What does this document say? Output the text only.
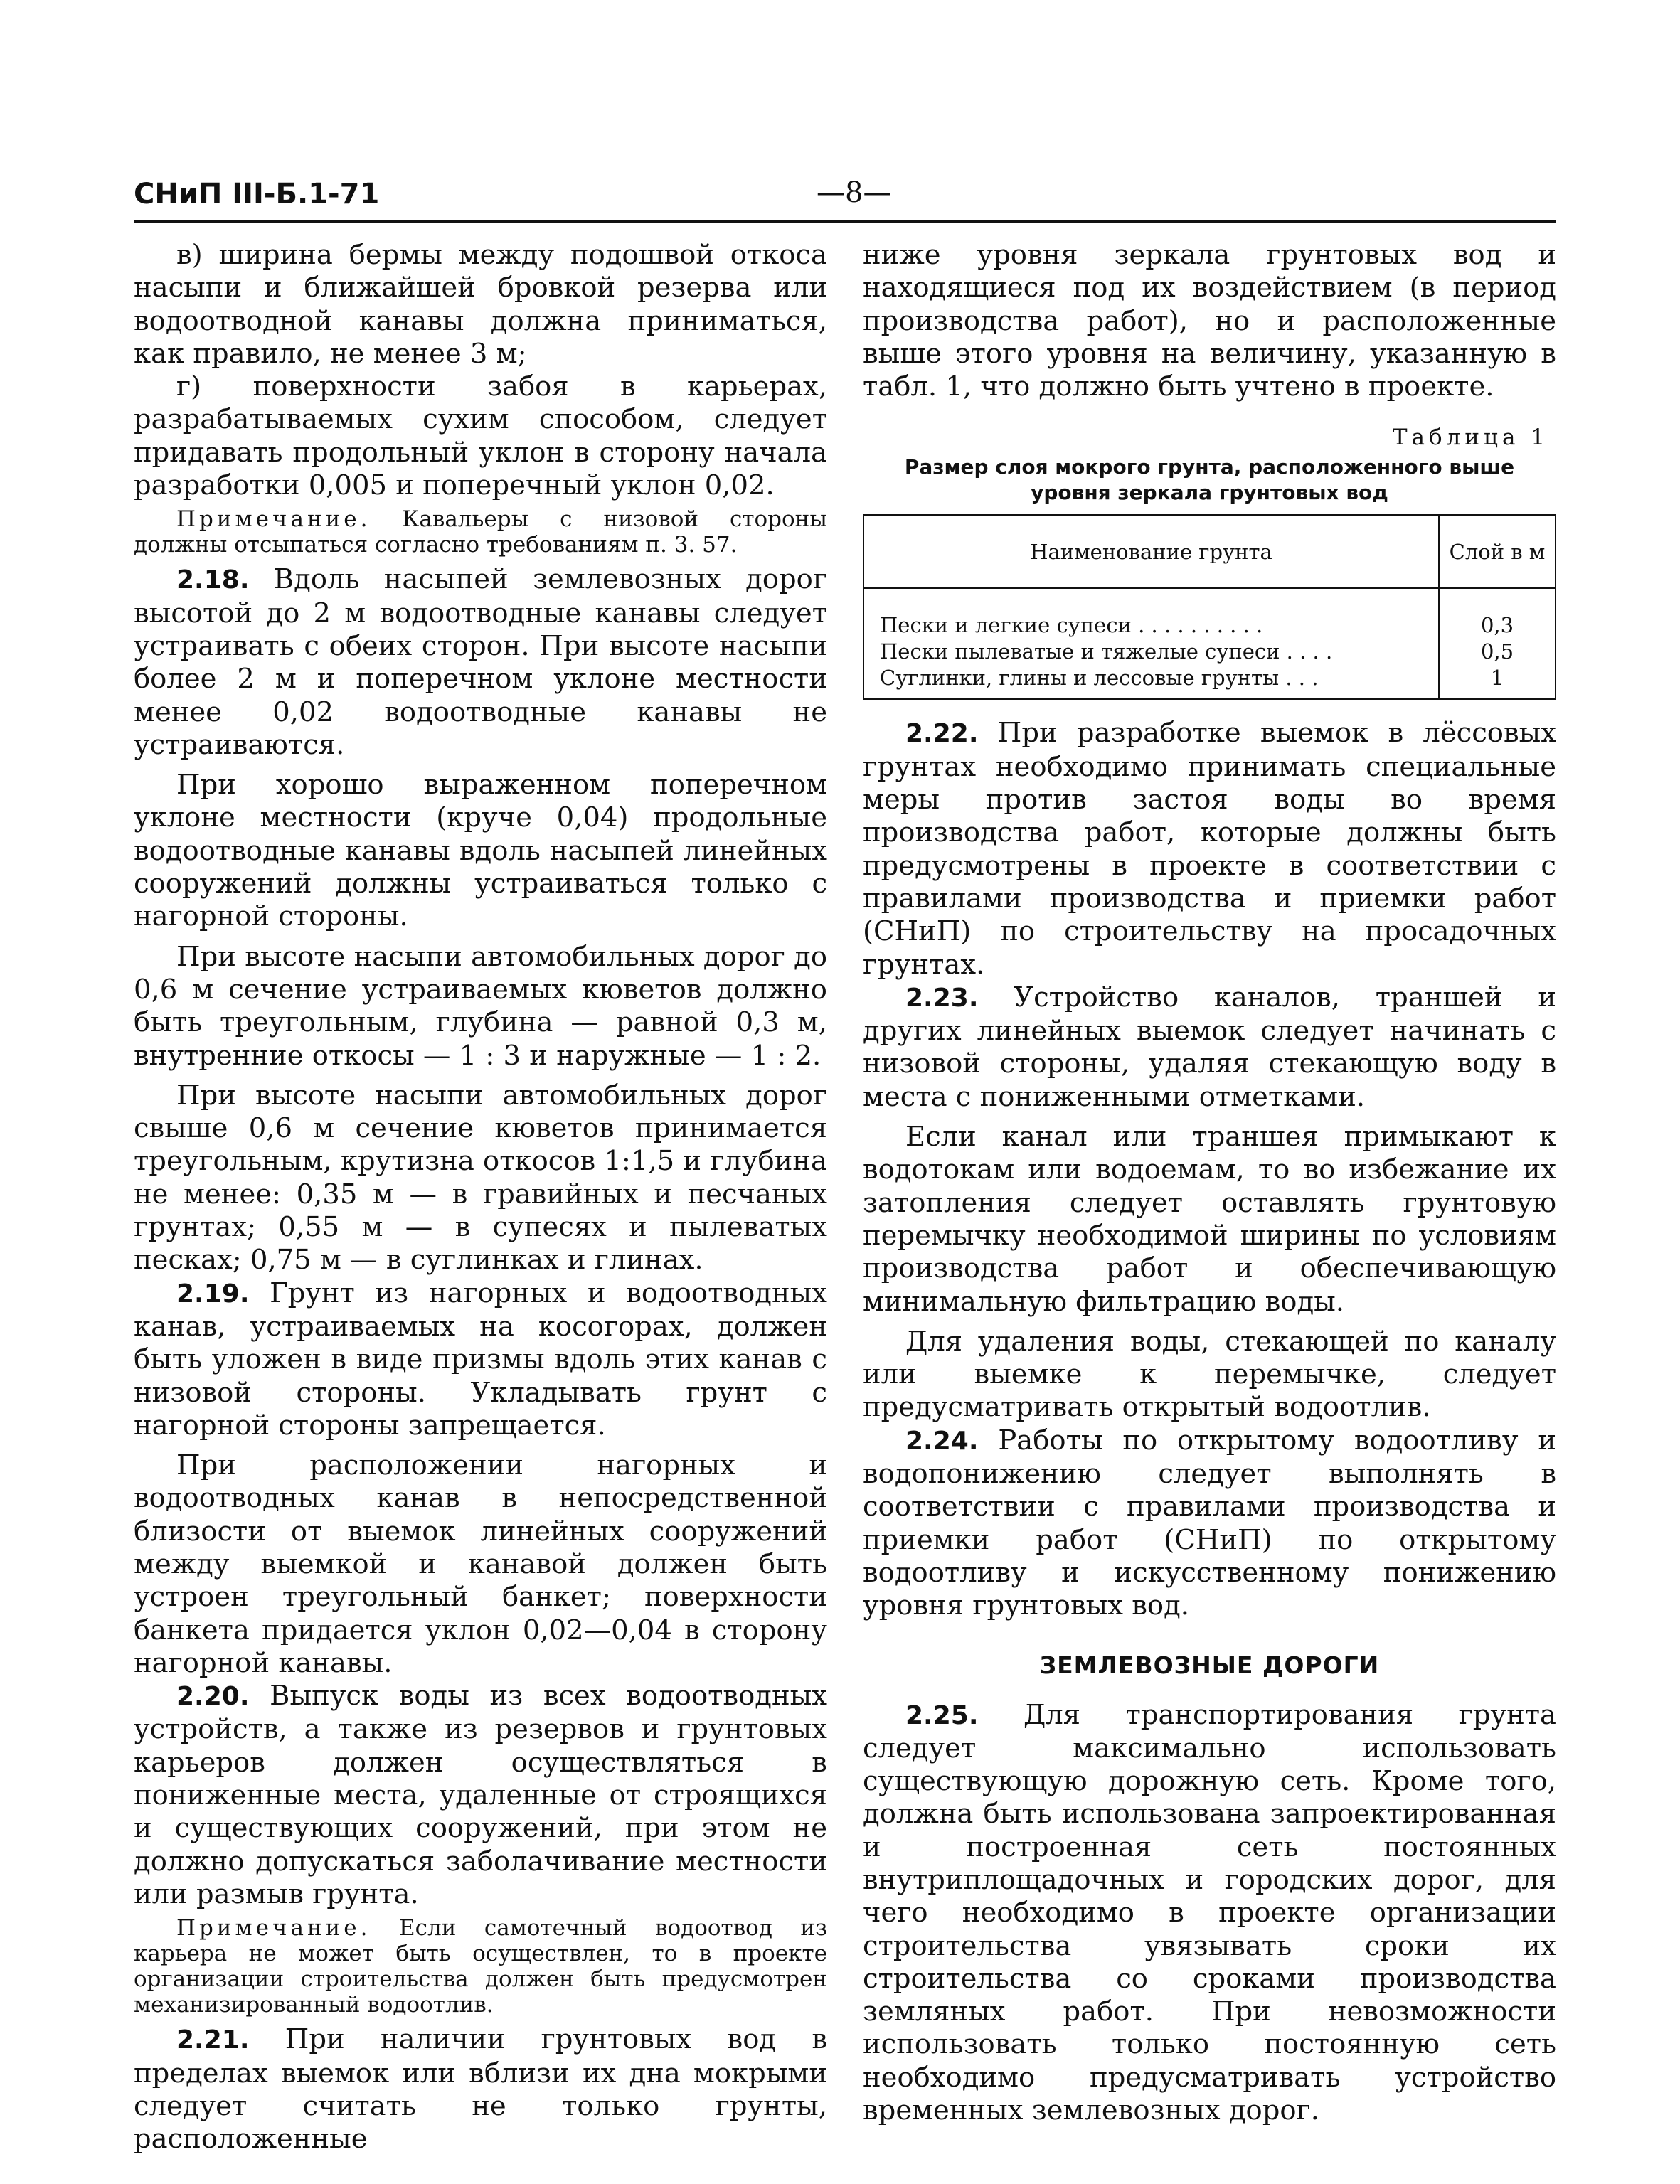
СНиП III-Б.1-71	—8—

в) ширина бермы между подошвой откоса насыпи и ближайшей бровкой резерва или водоотводной канавы должна приниматься, как правило, не менее 3 м;

г) поверхности забоя в карьерах, разрабатываемых сухим способом, следует придавать продольный уклон в сторону начала разработки 0,005 и поперечный уклон 0,02.

Примечание. Кавальеры с низовой стороны должны отсыпаться согласно требованиям п. 3. 57.

2.18. Вдоль насыпей землевозных дорог высотой до 2 м водоотводные канавы следует устраивать с обеих сторон. При высоте насыпи более 2 м и поперечном уклоне местности менее 0,02 водоотводные канавы не устраиваются.

При хорошо выраженном поперечном уклоне местности (круче 0,04) продольные водоотводные канавы вдоль насыпей линейных сооружений должны устраиваться только с нагорной стороны.

При высоте насыпи автомобильных дорог до 0,6 м сечение устраиваемых кюветов должно быть треугольным, глубина — равной 0,3 м, внутренние откосы — 1 : 3 и наружные — 1 : 2.

При высоте насыпи автомобильных дорог свыше 0,6 м сечение кюветов принимается треугольным, крутизна откосов 1:1,5 и глубина не менее: 0,35 м — в гравийных и песчаных грунтах; 0,55 м — в супесях и пылеватых песках; 0,75 м — в суглинках и глинах.

2.19. Грунт из нагорных и водоотводных канав, устраиваемых на косогорах, должен быть уложен в виде призмы вдоль этих канав с низовой стороны. Укладывать грунт с нагорной стороны запрещается.

При расположении нагорных и водоотводных канав в непосредственной близости от выемок линейных сооружений между выемкой и канавой должен быть устроен треугольный банкет; поверхности банкета придается уклон 0,02—0,04 в сторону нагорной канавы.

2.20. Выпуск воды из всех водоотводных устройств, а также из резервов и грунтовых карьеров должен осуществляться в пониженные места, удаленные от строящихся и существующих сооружений, при этом не должно допускаться заболачивание местности или размыв грунта.

Примечание. Если самотечный водоотвод из карьера не может быть осуществлен, то в проекте организации строительства должен быть предусмотрен механизированный водоотлив.

2.21. При наличии грунтовых вод в пределах выемок или вблизи их дна мокрыми следует считать не только грунты, расположенные

ниже уровня зеркала грунтовых вод и находящиеся под их воздействием (в период производства работ), но и расположенные выше этого уровня на величину, указанную в табл. 1, что должно быть учтено в проекте.

Таблица 1
Размер слоя мокрого грунта, расположенного выше уровня зеркала грунтовых вод
Наименование грунта	Слой в м
Пески и легкие супеси . . . . . . . . . .	0,3
Пески пылеватые и тяжелые супеси . . . .	0,5
Суглинки, глины и лессовые грунты . . .	1

2.22. При разработке выемок в лёссовых грунтах необходимо принимать специальные меры против застоя воды во время производства работ, которые должны быть предусмотрены в проекте в соответствии с правилами производства и приемки работ (СНиП) по строительству на просадочных грунтах.

2.23. Устройство каналов, траншей и других линейных выемок следует начинать с низовой стороны, удаляя стекающую воду в места с пониженными отметками.

Если канал или траншея примыкают к водотокам или водоемам, то во избежание их затопления следует оставлять грунтовую перемычку необходимой ширины по условиям производства работ и обеспечивающую минимальную фильтрацию воды.

Для удаления воды, стекающей по каналу или выемке к перемычке, следует предусматривать открытый водоотлив.

2.24. Работы по открытому водоотливу и водопонижению следует выполнять в соответствии с правилами производства и приемки работ (СНиП) по открытому водоотливу и искусственному понижению уровня грунтовых вод.

ЗЕМЛЕВОЗНЫЕ ДОРОГИ

2.25. Для транспортирования грунта следует максимально использовать существующую дорожную сеть. Кроме того, должна быть использована запроектированная и построенная сеть постоянных внутриплощадочных и городских дорог, для чего необходимо в проекте организации строительства увязывать сроки их строительства со сроками производства земляных работ. При невозможности использовать только постоянную сеть необходимо предусматривать устройство временных землевозных дорог.
